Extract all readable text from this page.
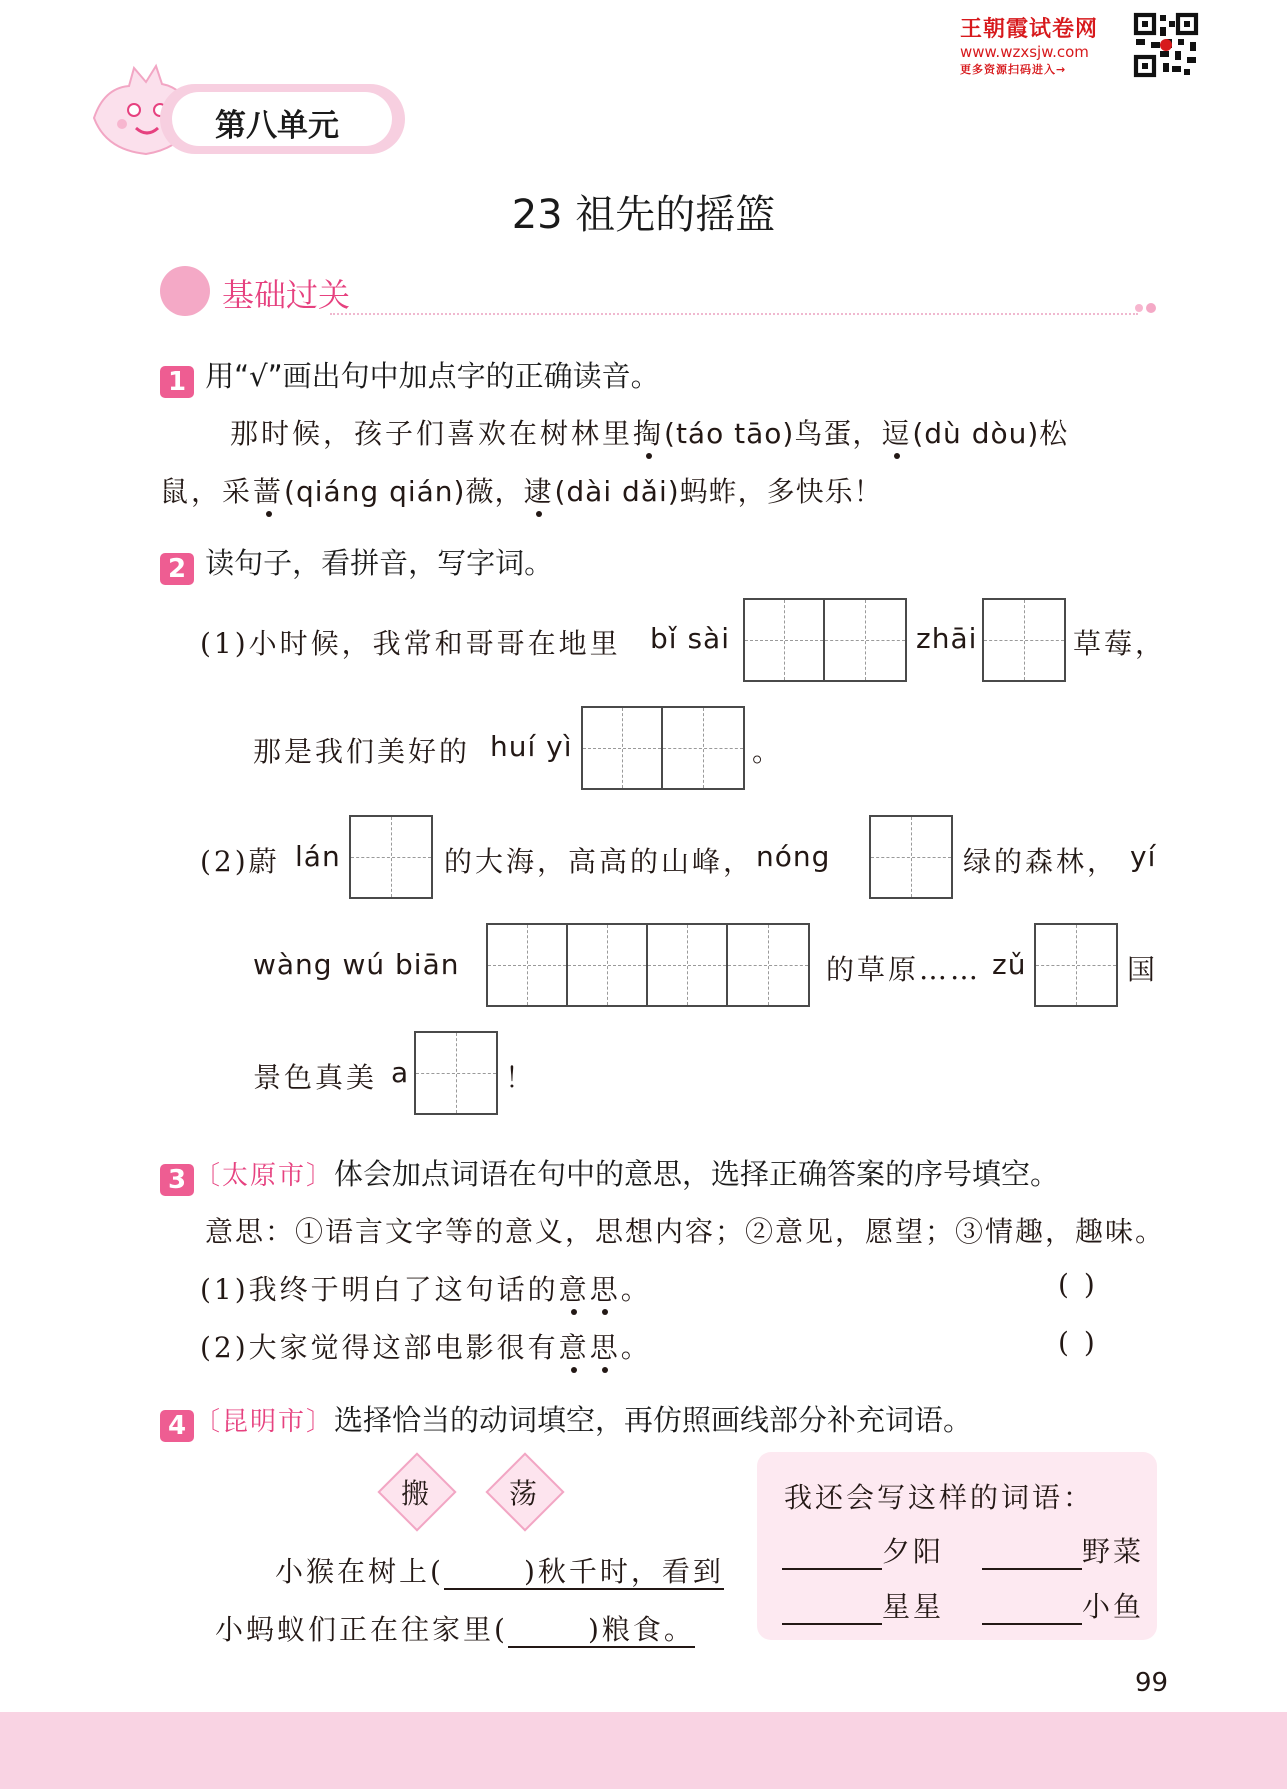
王朝霞试卷网
www.wzxsjw.com
更多资源扫码进入→
第八单元
23 祖先的摇篮
基础过关
1 用“√”画出句中加点字的正确读音。
那时候，孩子们喜欢在树林里掏(táo tāo)鸟蛋，逗(dù dòu)松
鼠，采蔷(qiáng qián)薇，逮(dài dǎi)蚂蚱，多快乐！
2 读句子，看拼音，写字词。
(1)小时候，我常和哥哥在地里 bǐ sài	zhāi	草莓，
那是我们美好的 huí yì	。
(2)蔚 lán	的大海，高高的山峰， nóng	绿的森林， yí
wàng wú biān	的草原…… zǔ	国
景色真美 a	！
3 〔太原市〕体会加点词语在句中的意思，选择正确答案的序号填空。
意思：①语言文字等的意义，思想内容；②意见，愿望；③情趣，趣味。
(1)我终于明白了这句话的意思。	( )
(2)大家觉得这部电影很有意思。	( )
4 〔昆明市〕选择恰当的动词填空，再仿照画线部分补充词语。
搬	荡
小猴在树上(	)秋千时，看到
小蚂蚁们正在往家里(	)粮食。
我还会写这样的词语：
夕阳	野菜
星星	小鱼
99
